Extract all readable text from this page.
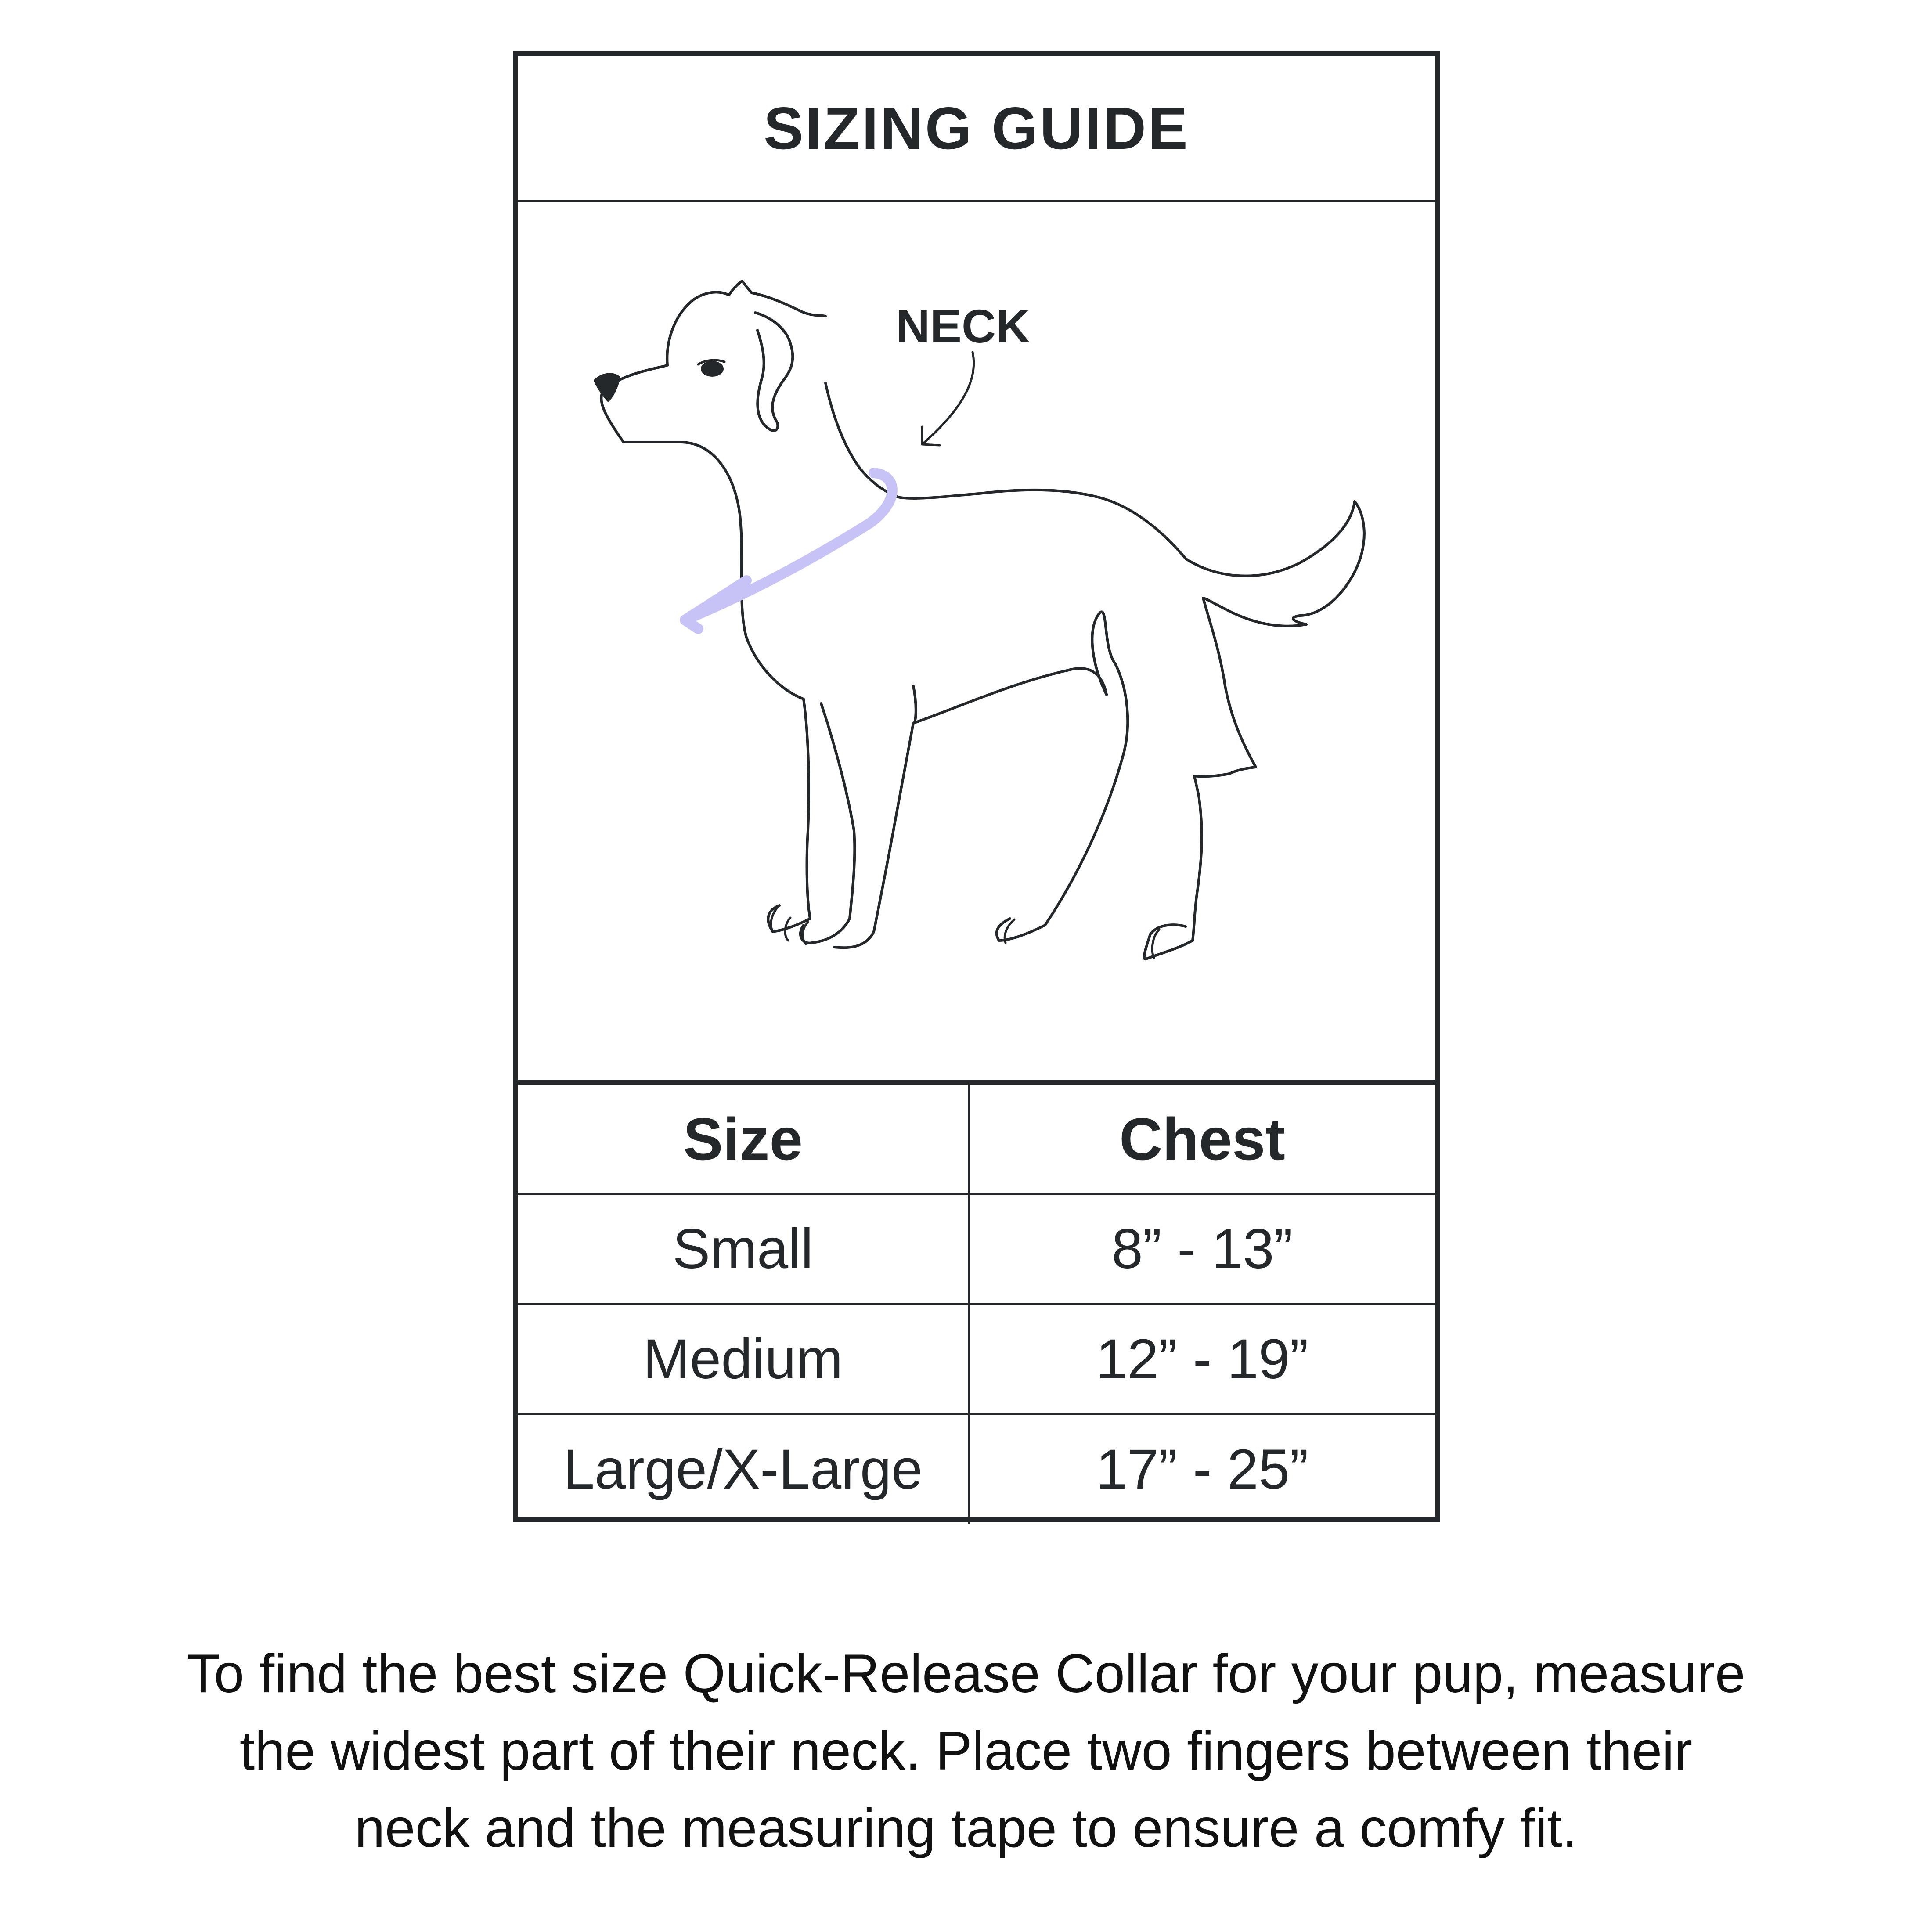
SIZING GUIDE
NECK
Size	Chest
Small	8” - 13”
Medium	12” - 19”
Large/X-Large	17” - 25”

To find the best size Quick-Release Collar for your pup, measure the widest part of their neck. Place two fingers between their neck and the measuring tape to ensure a comfy fit.
